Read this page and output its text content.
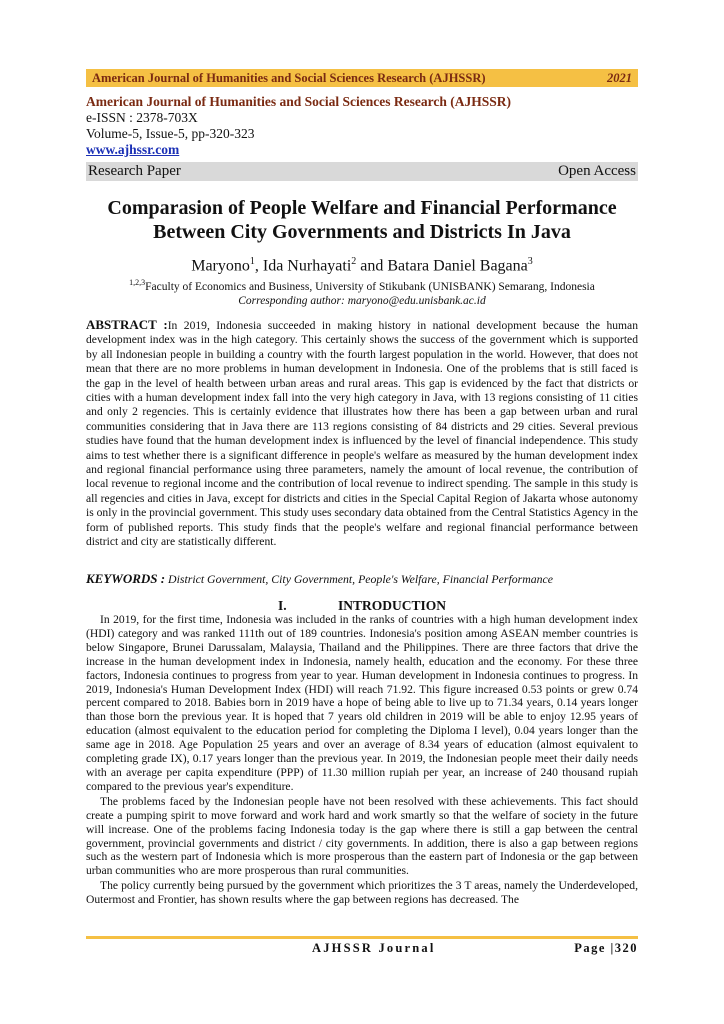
American Journal of Humanities and Social Sciences Research (AJHSSR)	2021
American Journal of Humanities and Social Sciences Research (AJHSSR)
e-ISSN : 2378-703X
Volume-5, Issue-5, pp-320-323
www.ajhssr.com
Research Paper	Open Access
Comparasion of People Welfare and Financial Performance
Between City Governments and Districts In Java
Maryono$^1$, Ida Nurhayati$^2$ and Batara Daniel Bagana$^3$
$^{1,2,3}$Faculty of Economics and Business, University of Stikubank (UNISBANK) Semarang, Indonesia
Corresponding author: maryono@edu.unisbank.ac.id
ABSTRACT :In 2019, Indonesia succeeded in making history in national development because the human development index was in the high category. This certainly shows the success of the government which is supported by all Indonesian people in building a country with the fourth largest population in the world. However, that does not mean that there are no more problems in human development in Indonesia. One of the problems that is still faced is the gap in the level of health between urban areas and rural areas. This gap is evidenced by the fact that districts or cities with a human development index fall into the very high category in Java, with 13 regions consisting of 11 cities and only 2 regencies. This is certainly evidence that illustrates how there has been a gap between urban and rural communities considering that in Java there are 113 regions consisting of 84 districts and 29 cities. Several previous studies have found that the human development index is influenced by the level of financial independence. This study aims to test whether there is a significant difference in people's welfare as measured by the human development index and regional financial performance using three parameters, namely the amount of local revenue, the contribution of local revenue to regional income and the contribution of local revenue to indirect spending. The sample in this study is all regencies and cities in Java, except for districts and cities in the Special Capital Region of Jakarta whose autonomy is only in the provincial government. This study uses secondary data obtained from the Central Statistics Agency in the form of published reports. This study finds that the people's welfare and regional financial performance between district and city are statistically different.
KEYWORDS : District Government, City Government, People's Welfare, Financial Performance
I.	INTRODUCTION

In 2019, for the first time, Indonesia was included in the ranks of countries with a high human development index (HDI) category and was ranked 111th out of 189 countries. Indonesia's position among ASEAN member countries is below Singapore, Brunei Darussalam, Malaysia, Thailand and the Philippines. There are three factors that drive the increase in the human development index in Indonesia, namely health, education and the economy. For these three factors, Indonesia continues to progress from year to year. Human development in Indonesia continues to progress. In 2019, Indonesia's Human Development Index (HDI) will reach 71.92. This figure increased 0.53 points or grew 0.74 percent compared to 2018. Babies born in 2019 have a hope of being able to live up to 71.34 years, 0.14 years longer than those born the previous year. It is hoped that 7 years old children in 2019 will be able to enjoy 12.95 years of education (almost equivalent to the education period for completing the Diploma I level), 0.04 years longer than the same age in 2018. Age Population 25 years and over an average of 8.34 years of education (almost equivalent to completing grade IX), 0.17 years longer than the previous year. In 2019, the Indonesian people meet their daily needs with an average per capita expenditure (PPP) of 11.30 million rupiah per year, an increase of 240 thousand rupiah compared to the previous year's expenditure.

The problems faced by the Indonesian people have not been resolved with these achievements. This fact should create a pumping spirit to move forward and work hard and work smartly so that the welfare of society in the future will increase. One of the problems facing Indonesia today is the gap where there is still a gap between the central government, provincial governments and district / city governments. In addition, there is also a gap between regions such as the western part of Indonesia which is more prosperous than the eastern part of Indonesia or the gap between urban communities who are more prosperous than rural communities.

The policy currently being pursued by the government which prioritizes the 3 T areas, namely the Underdeveloped, Outermost and Frontier, has shown results where the gap between regions has decreased. The

AJHSSR Journal	Page |320
